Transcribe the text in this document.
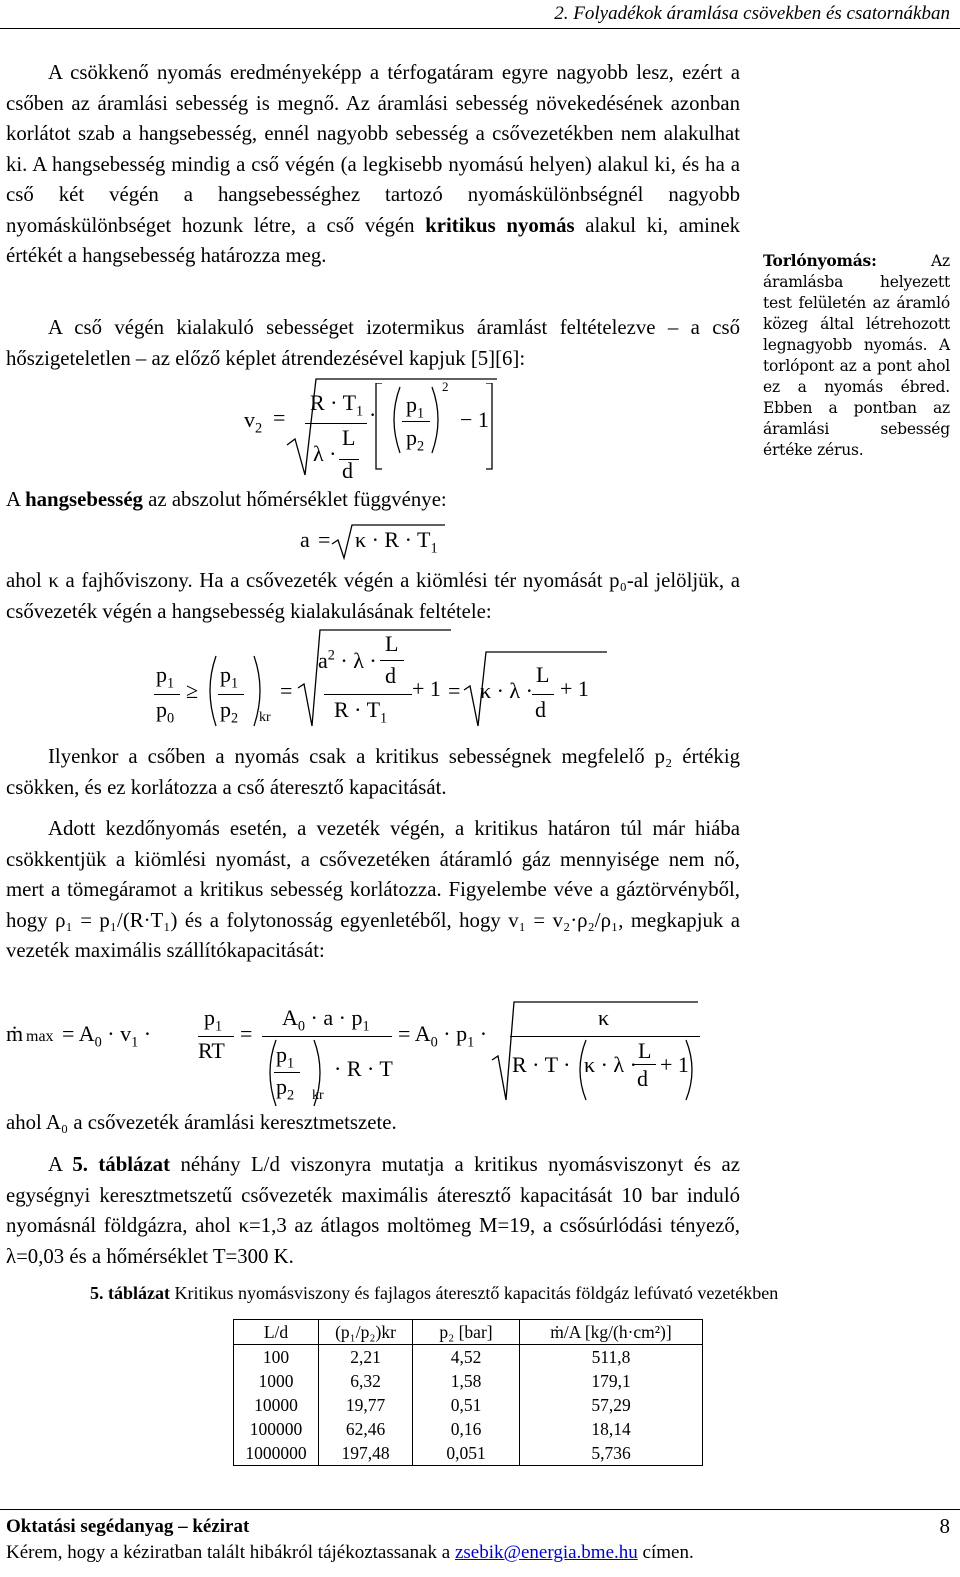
2. Folyadékok áramlása csövekben és csatornákban

A csökkenő nyomás eredményeképp a térfogatáram egyre nagyobb lesz, ezért a csőben az áramlási sebesség is megnő. Az áramlási sebesség növekedésének azonban korlátot szab a hangsebesség, ennél nagyobb sebesség a csővezetékben nem alakulhat ki. A hangsebesség mindig a cső végén (a legkisebb nyomású helyen) alakul ki, és ha a cső két végén a hangsebességhez tartozó nyomáskülönbségnél nagyobb nyomáskülönbséget hozunk létre, a cső végén kritikus nyomás alakul ki, aminek értékét a hangsebesség határozza meg.

A cső végén kialakuló sebességet izotermikus áramlást feltételezve – a cső hőszigeteletlen – az előző képlet átrendezésével kapjuk [5][6]:

$v_2$ =
$R \cdot T_1$
L
λ ·
d
· $p_1$
$p_2$
2
− 1

A hangsebesség az abszolut hőmérséklet függvénye:

$a = \kappa \cdot R \cdot T_1$

ahol κ a fajhőviszony. Ha a csővezeték végén a kiömlési tér nyomását p₀-al jelöljük, a csővezeték végén a hangsebesség kialakulásának feltétele:

$p_1$
$p_0$
≥
$p_1$
$p_2$ kr
=
L
$a^2 \cdot \lambda$ ·
d
$R \cdot T_1$
+ 1 = κ · λ ·
L
d
+ 1

Ilyenkor a csőben a nyomás csak a kritikus sebességnek megfelelő p₂ értékig csökken, és ez korlátozza a cső áteresztő kapacitását.

Adott kezdőnyomás esetén, a vezeték végén, a kritikus határon túl már hiába csökkentjük a kiömlési nyomást, a csővezetéken átáramló gáz mennyisége nem nő, mert a tömegáramot a kritikus sebesség korlátozza. Figyelembe véve a gáztörvényből, hogy ρ₁ = p₁/(R·T₁) és a folytonosság egyenletéből, hogy v₁ = v₂·ρ₂/ρ₁, megkapjuk a vezeték maximális szállítókapacitását:

ṁ $\max = A_0 \cdot v_1$ ·
$p_1$
RT
=
$A_0 \cdot a \cdot p_1$
$p_1$
$p_2$ kr
· R · T
= $A_0 \cdot p_1$ ·
κ
R · T · κ · λ ·
L
d
+ 1

ahol A₀ a csővezeték áramlási keresztmetszete.

A 5. táblázat néhány L/d viszonyra mutatja a kritikus nyomásviszonyt és az egységnyi keresztmetszetű csővezeték maximális áteresztő kapacitását 10 bar induló nyomásnál földgázra, ahol κ=1,3 az átlagos moltömeg M=19, a csősúrlódási tényező, λ=0,03 és a hőmérséklet T=300 K.

Torlónyomás: Az áramlásba helyezett test felületén az áramló közeg által létrehozott legnagyobb nyomás. A torlópont az a pont ahol ez a nyomás ébred. Ebben a pontban az áramlási sebesség értéke zérus.
5. táblázat Kritikus nyomásviszony és fajlagos áteresztő kapacitás földgáz lefúvató vezetékben
L/d	(p₁/p₂)kr	p₂ [bar]	ṁ/A [kg/(h·cm²)]
100	2,21	4,52	511,8
1000	6,32	1,58	179,1
10000	19,77	0,51	57,29
100000	62,46	0,16	18,14
1000000	197,48	0,051	5,736
Oktatási segédanyag – kézirat	8
Kérem, hogy a kéziratban talált hibákról tájékoztassanak a zsebik@energia.bme.hu címen.
